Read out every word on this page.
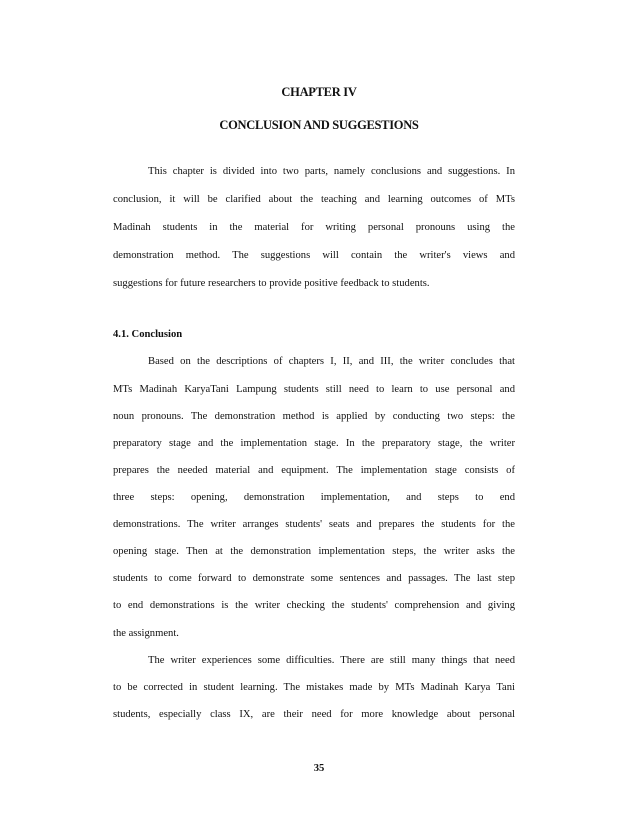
CHAPTER IV
CONCLUSION AND SUGGESTIONS
This chapter is divided into two parts, namely conclusions and suggestions. In
conclusion, it will be clarified about the teaching and learning outcomes of MTs
Madinah students in the material for writing personal pronouns using the
demonstration method. The suggestions will contain the writer's views and
suggestions for future researchers to provide positive feedback to students.
4.1. Conclusion
Based on the descriptions of chapters I, II, and III, the writer concludes that
MTs Madinah KaryaTani Lampung students still need to learn to use personal and
noun pronouns. The demonstration method is applied by conducting two steps: the
preparatory stage and the implementation stage. In the preparatory stage, the writer
prepares the needed material and equipment. The implementation stage consists of
three steps: opening, demonstration implementation, and steps to end
demonstrations. The writer arranges students' seats and prepares the students for the
opening stage. Then at the demonstration implementation steps, the writer asks the
students to come forward to demonstrate some sentences and passages. The last step
to end demonstrations is the writer checking the students' comprehension and giving
the assignment.
The writer experiences some difficulties. There are still many things that need
to be corrected in student learning. The mistakes made by MTs Madinah Karya Tani
students, especially class IX, are their need for more knowledge about personal
35
